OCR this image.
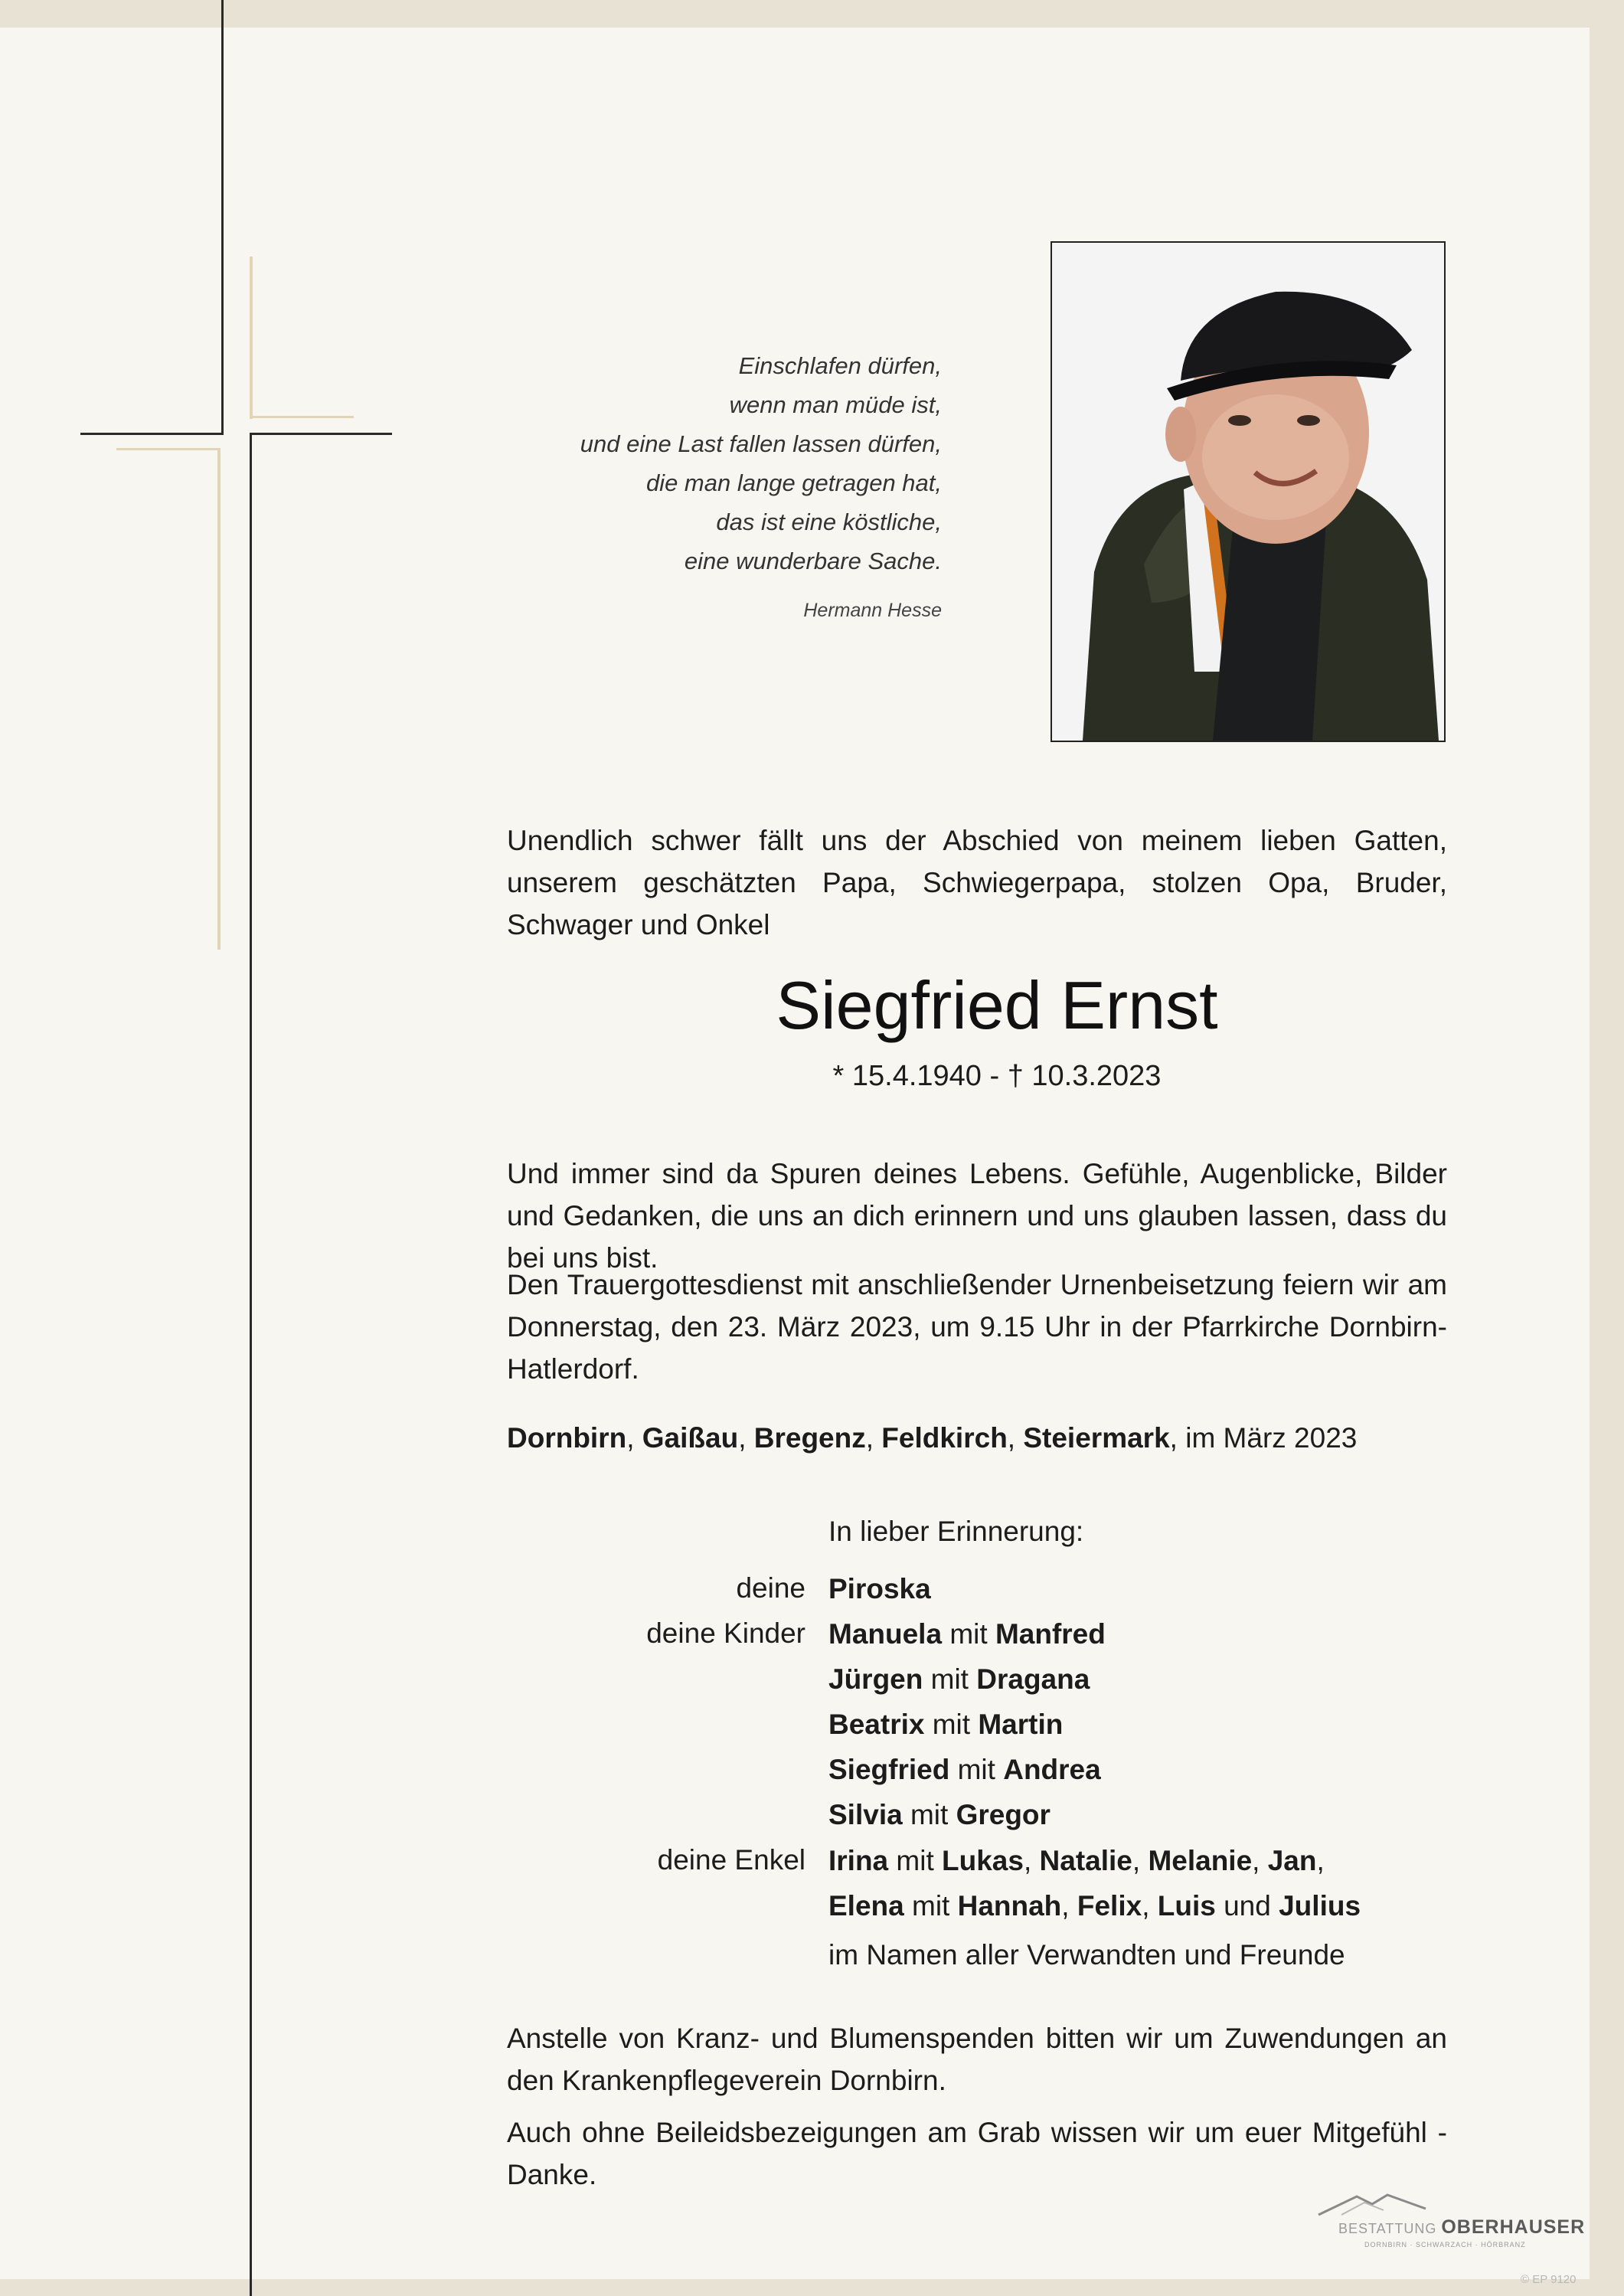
Einschlafen dürfen,
wenn man müde ist,
und eine Last fallen lassen dürfen,
die man lange getragen hat,
das ist eine köstliche,
eine wunderbare Sache.
Hermann Hesse
Unendlich schwer fällt uns der Abschied von meinem lieben Gatten, unserem geschätzten Papa, Schwiegerpapa, stolzen Opa, Bruder, Schwager und Onkel
Siegfried Ernst
* 15.4.1940 - † 10.3.2023
Und immer sind da Spuren deines Lebens. Gefühle, Augenblicke, Bilder und Gedanken, die uns an dich erinnern und uns glauben lassen, dass du bei uns bist.
Den Trauergottesdienst mit anschließender Urnenbeisetzung feiern wir am Donnerstag, den 23. März 2023, um 9.15 Uhr in der Pfarrkirche Dornbirn-Hatlerdorf.
Dornbirn, Gaißau, Bregenz, Feldkirch, Steiermark, im März 2023
In lieber Erinnerung:
deine Piroska
deine Kinder Manuela mit Manfred
Jürgen mit Dragana
Beatrix mit Martin
Siegfried mit Andrea
Silvia mit Gregor
deine Enkel Irina mit Lukas, Natalie, Melanie, Jan,
Elena mit Hannah, Felix, Luis und Julius
im Namen aller Verwandten und Freunde
Anstelle von Kranz- und Blumenspenden bitten wir um Zuwendungen an den Krankenpflegeverein Dornbirn.
Auch ohne Beileidsbezeigungen am Grab wissen wir um euer Mitgefühl - Danke.
BESTATTUNG OBERHAUSER
DORNBIRN · SCHWARZACH · HÖRBRANZ
© EP 9120
